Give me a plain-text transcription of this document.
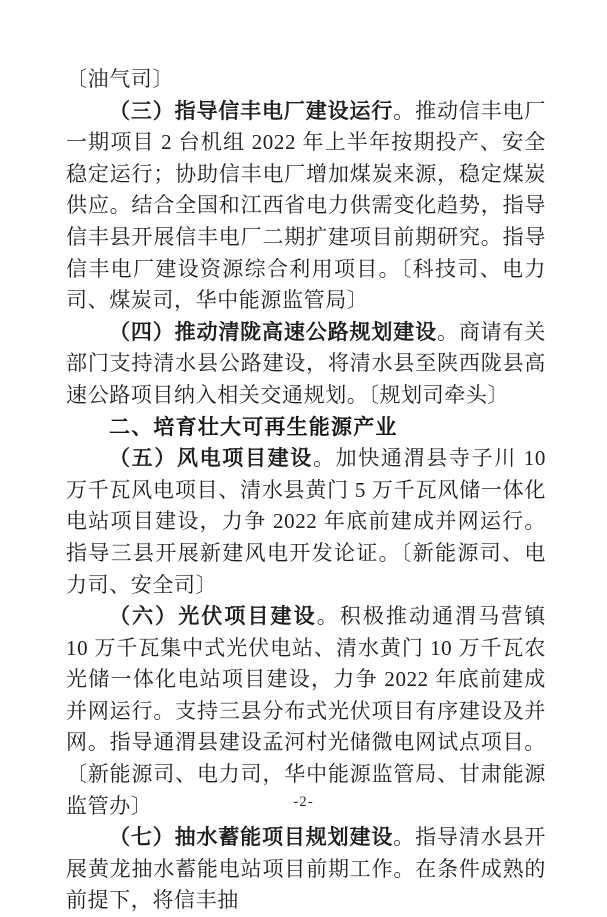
〔油气司〕

（三）指导信丰电厂建设运行。推动信丰电厂一期项目 2 台机组 2022 年上半年按期投产、安全稳定运行；协助信丰电厂增加煤炭来源，稳定煤炭供应。结合全国和江西省电力供需变化趋势，指导信丰县开展信丰电厂二期扩建项目前期研究。指导信丰电厂建设资源综合利用项目。〔科技司、电力司、煤炭司，华中能源监管局〕

（四）推动清陇高速公路规划建设。商请有关部门支持清水县公路建设，将清水县至陕西陇县高速公路项目纳入相关交通规划。〔规划司牵头〕

二、培育壮大可再生能源产业

（五）风电项目建设。加快通渭县寺子川 10 万千瓦风电项目、清水县黄门 5 万千瓦风储一体化电站项目建设，力争 2022 年底前建成并网运行。指导三县开展新建风电开发论证。〔新能源司、电力司、安全司〕

（六）光伏项目建设。积极推动通渭马营镇 10 万千瓦集中式光伏电站、清水黄门 10 万千瓦农光储一体化电站项目建设，力争 2022 年底前建成并网运行。支持三县分布式光伏项目有序建设及并网。指导通渭县建设孟河村光储微电网试点项目。〔新能源司、电力司，华中能源监管局、甘肃能源监管办〕

（七）抽水蓄能项目规划建设。指导清水县开展黄龙抽水蓄能电站项目前期工作。在条件成熟的前提下，将信丰抽

-2-
